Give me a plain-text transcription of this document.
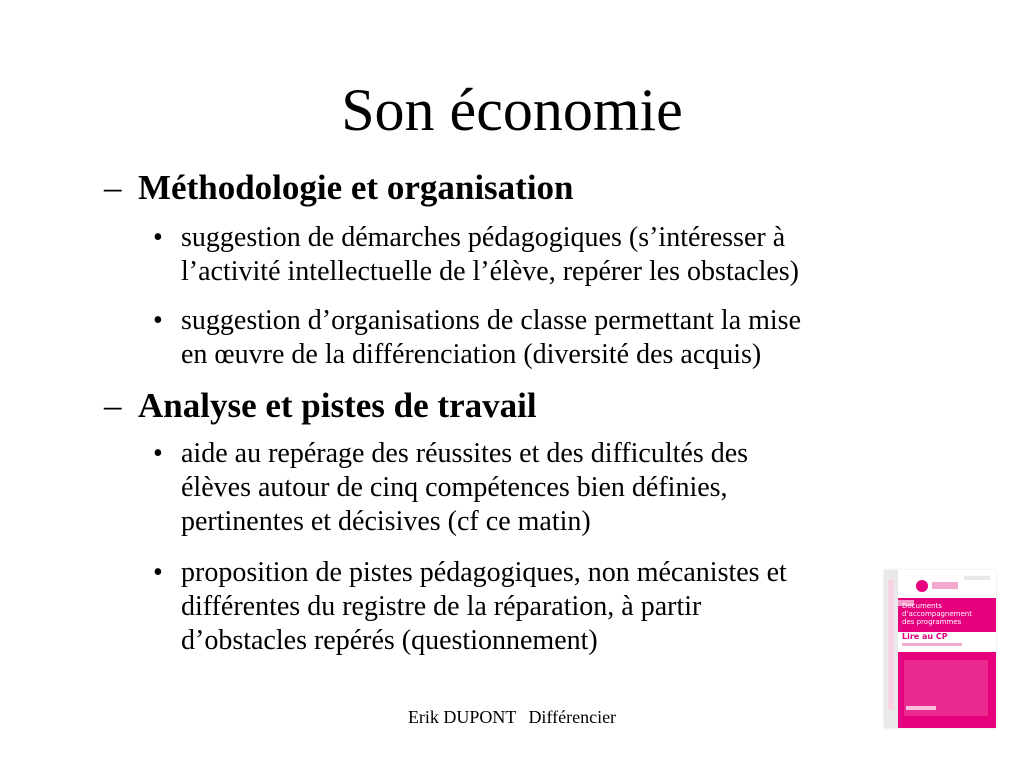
Son économie
– Méthodologie et organisation
• suggestion de démarches pédagogiques (s’intéresser à
l’activité intellectuelle de l’élève, repérer les obstacles)
• suggestion d’organisations de classe permettant la mise
en œuvre de la différenciation (diversité des acquis)
– Analyse et pistes de travail
• aide au repérage des réussites et des difficultés des
élèves autour de cinq compétences bien définies,
pertinentes et décisives (cf ce matin)
• proposition de pistes pédagogiques, non mécanistes et
différentes du registre de la réparation, à partir
d’obstacles repérés (questionnement)
Documents d’accompagnement des programmes
Lire au CP
Erik DUPONT Différencier
